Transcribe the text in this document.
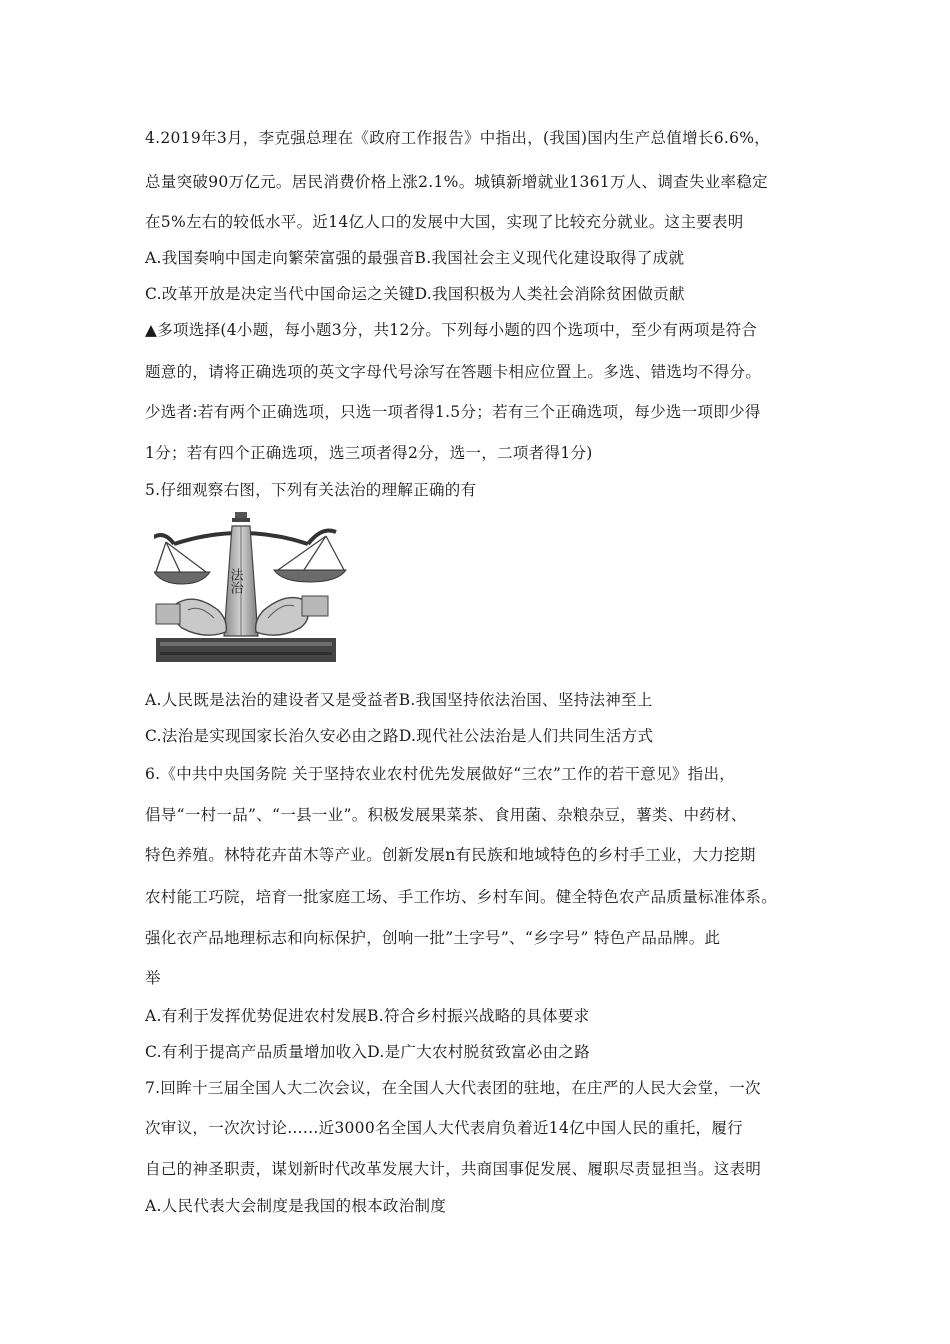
4.2019年3月，李克强总理在《政府工作报告》中指出，(我国)国内生产总值增长6.6%，
总量突破90万亿元。居民消费价格上涨2.1%。城镇新增就业1361万人、调查失业率稳定
在5%左右的较低水平。近14亿人口的发展中大国，实现了比较充分就业。这主要表明
A.我国奏响中国走向繁荣富强的最强音B.我国社会主义现代化建设取得了成就
C.改革开放是决定当代中国命运之关键D.我国积极为人类社会消除贫困做贡献
▲多项选择(4小题，每小题3分，共12分。下列每小题的四个选项中，至少有两项是符合
题意的，请将正确选项的英文字母代号涂写在答题卡相应位置上。多选、错选均不得分。
少选者:若有两个正确选项，只选一项者得1.5分；若有三个正确选项，每少选一项即少得
1分；若有四个正确选项，选三项者得2分，选一，二项者得1分)
5.仔细观察右图，下列有关法治的理解正确的有
法治
A.人民既是法治的建设者又是受益者B.我国坚持依法治国、坚持法神至上
C.法治是实现国家长治久安必由之路D.现代社公法治是人们共同生活方式
6.《中共中央国务院 关于坚持农业农村优先发展做好“三农”工作的若干意见》指出，
倡导“一村一品”、“一县一业”。积极发展果菜茶、食用菌、杂粮杂豆，薯类、中药材、
特色养殖。林特花卉苗木等产业。创新发展n有民族和地域特色的乡村手工业，大力挖期
农村能工巧院，培育一批家庭工场、手工作坊、乡村车间。健全特色农产品质量标准体系。
强化衣产品地理标志和向标保护，创响一批”土字号”、“乡字号” 特色产品品牌。此
举
A.有利于发挥优势促进农村发展B.符合乡村振兴战略的具体要求
C.有利于提高产品质量增加收入D.是广大农村脱贫致富必由之路
7.回眸十三届全国人大二次会议，在全国人大代表团的驻地，在庄严的人民大会堂，一次
次审议，一次次讨论......近3000名全国人大代表肩负着近14亿中国人民的重托，履行
自己的神圣职责，谋划新时代改革发展大计，共商国事促发展、履职尽责显担当。这表明
A.人民代表大会制度是我国的根本政治制度
